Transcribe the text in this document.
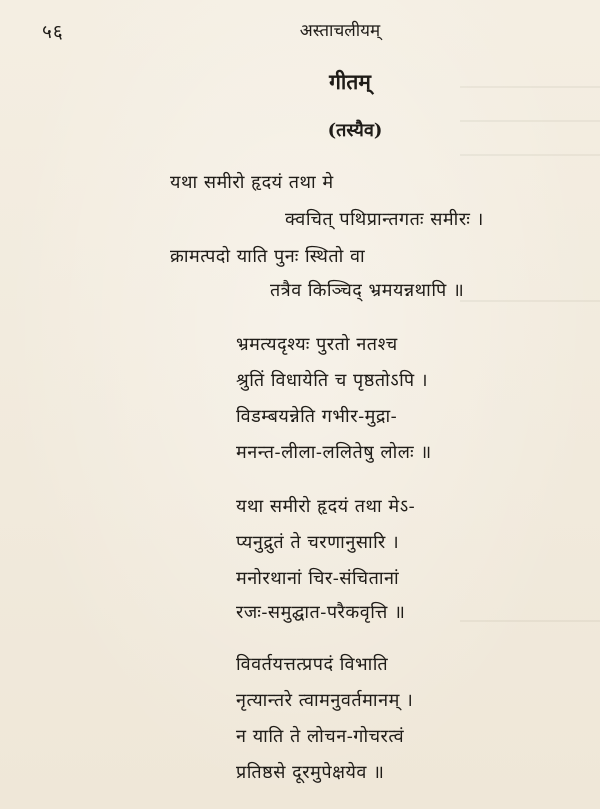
५६	अस्ताचलीयम्
गीतम्
(तस्यैव)
यथा समीरो हृदयं तथा मे
क्वचित् पथिप्रान्तगतः समीरः ।
क्रामत्पदो याति पुनः स्थितो वा
तत्रैव किञ्चिद् भ्रमयन्नथापि ॥
भ्रमत्यदृश्यः पुरतो नतश्च
श्रुतिं विधायेति च पृष्ठतोऽपि ।
विडम्बयन्नेति गभीर-मुद्रा-
मनन्त-लीला-ललितेषु लोलः ॥
यथा समीरो हृदयं तथा मेऽ-
प्यनुद्रुतं ते चरणानुसारि ।
मनोरथानां चिर-संचितानां
रजः-समुद्घात-परैकवृत्ति ॥
विवर्तयत्तत्प्रपदं विभाति
नृत्यान्तरे त्वामनुवर्तमानम् ।
न याति ते लोचन-गोचरत्वं
प्रतिष्ठसे दूरमुपेक्षयेव ॥
